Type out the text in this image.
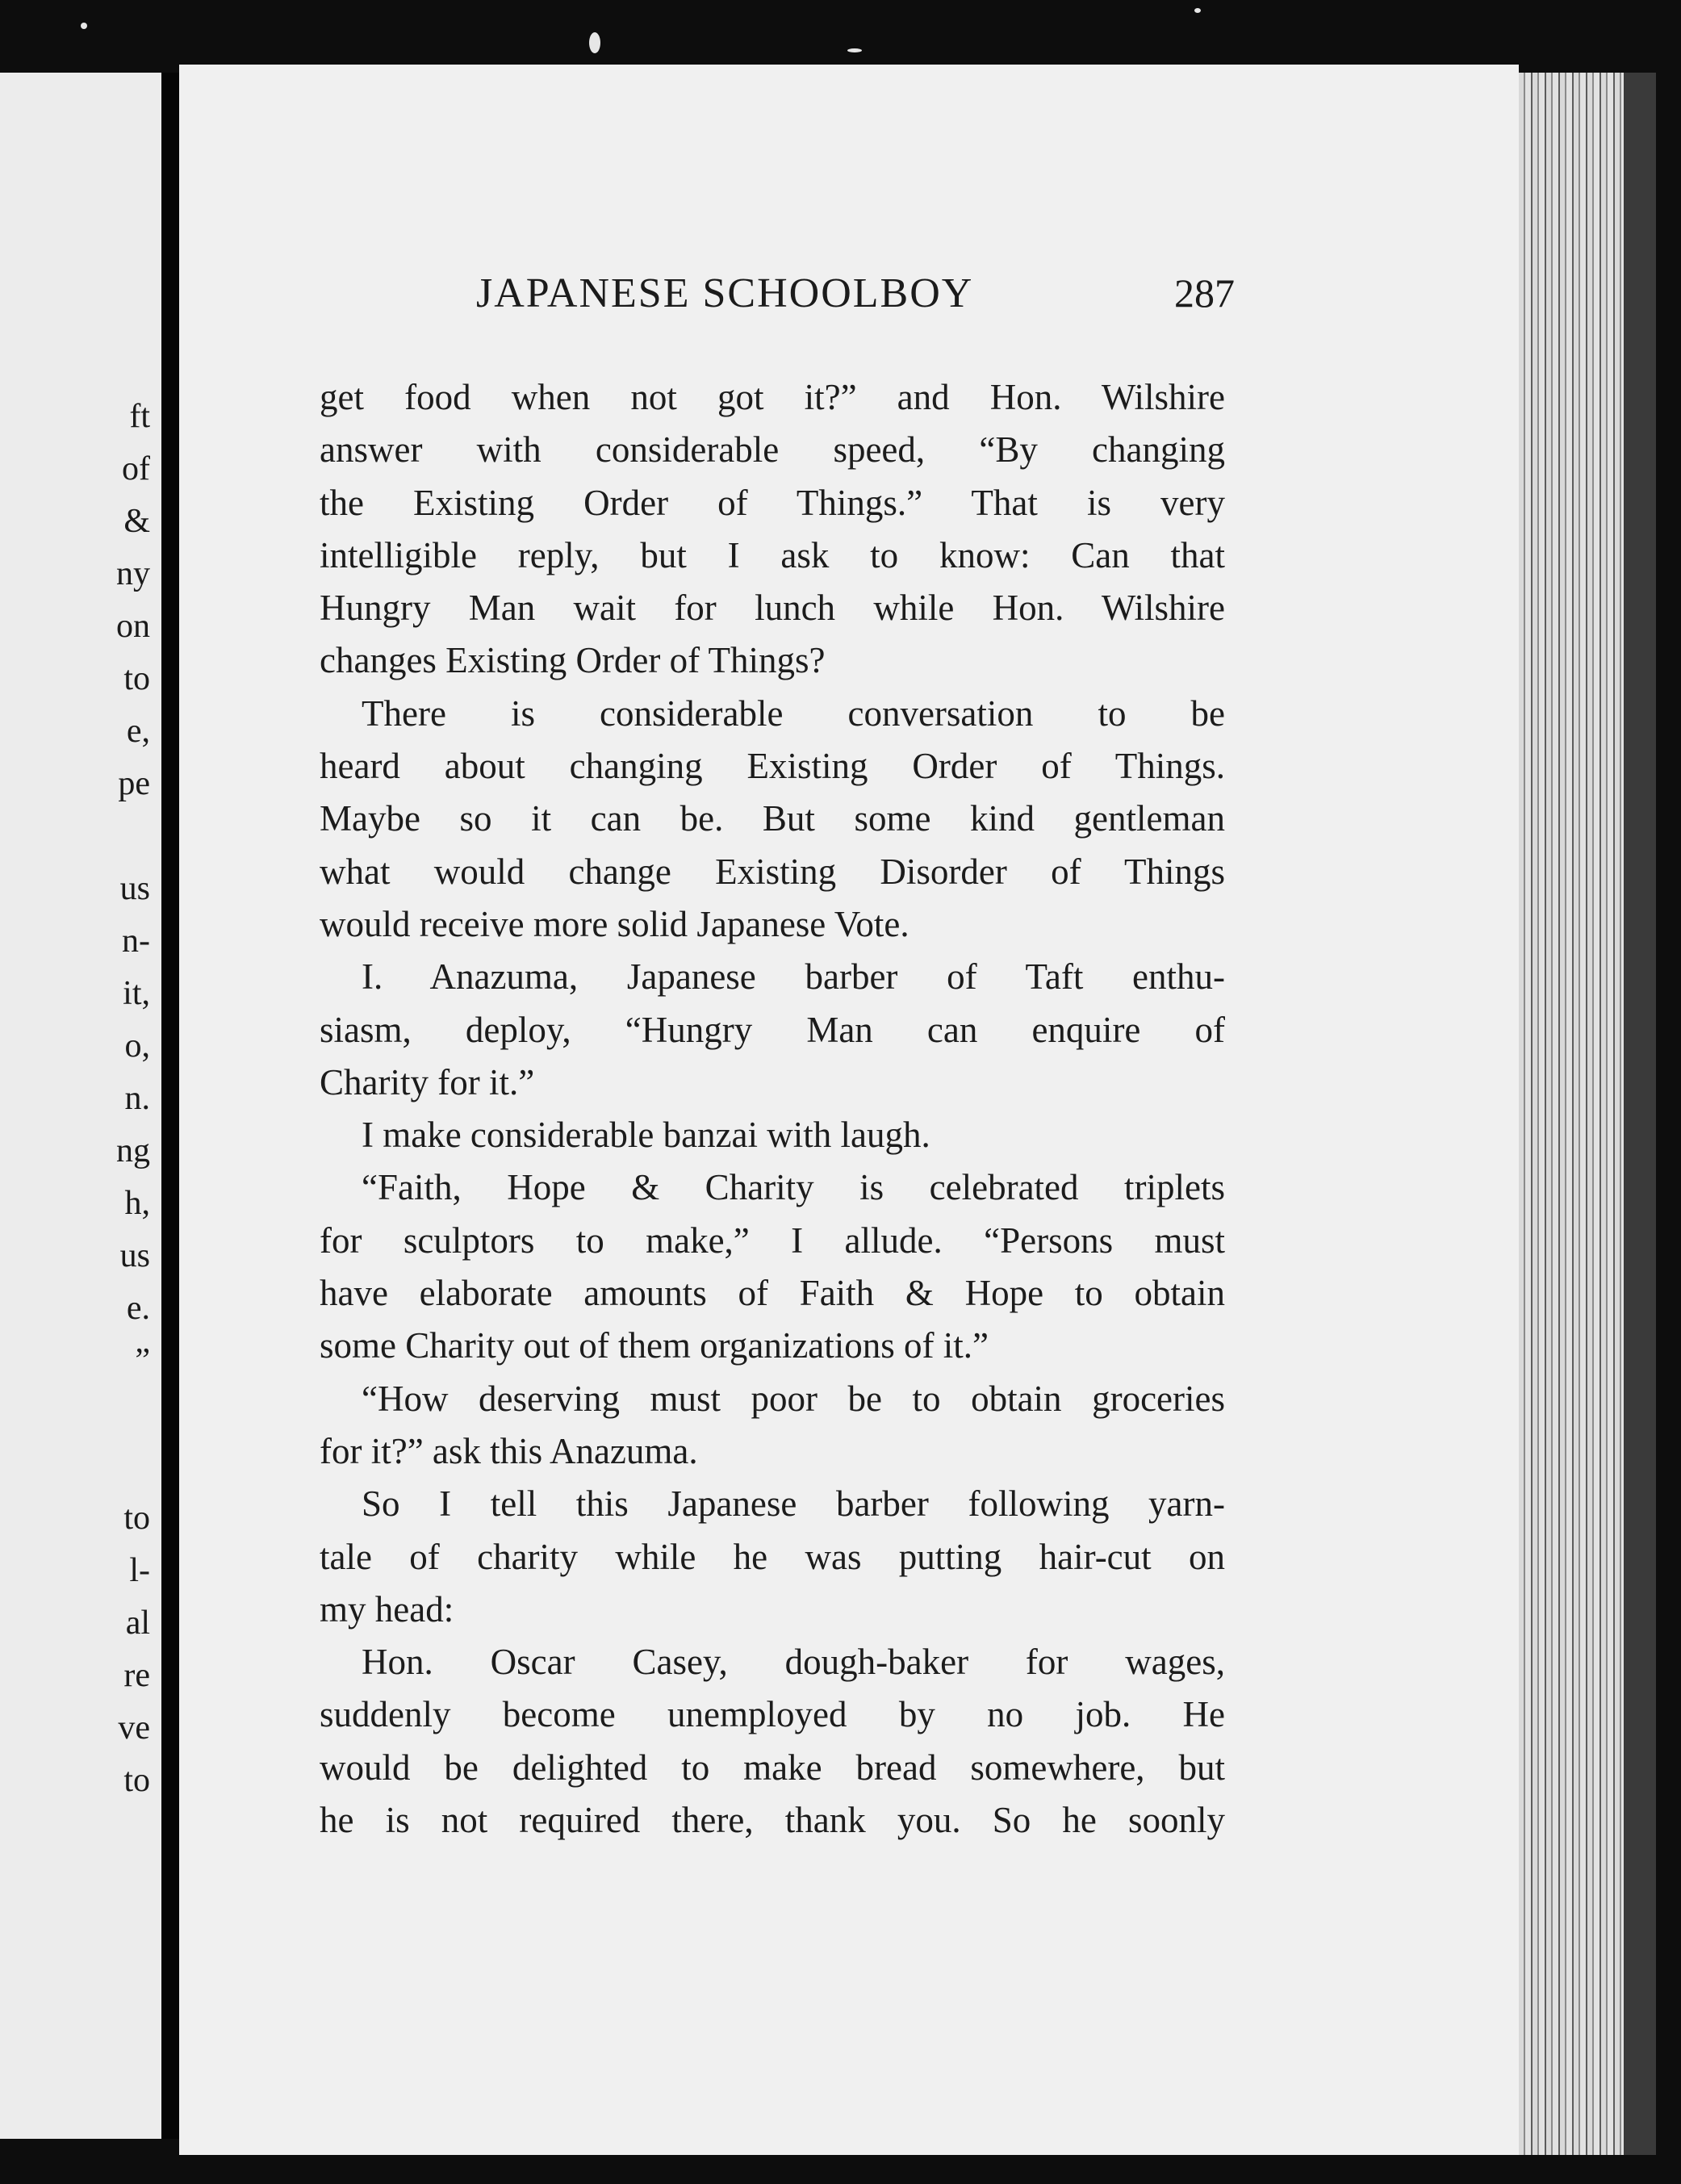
ft
of
&
ny
on
to
e,
pe
us
n-
it,
o,
n.
ng
h,
us
e.
”
to
l-
al
re
ve
to
JAPANESE SCHOOLBOY	287
get food when not got it?” and Hon. Wilshire
answer with considerable speed, “By changing
the Existing Order of Things.” That is very
intelligible reply, but I ask to know: Can that
Hungry Man wait for lunch while Hon. Wilshire
changes Existing Order of Things?
There is considerable conversation to be
heard about changing Existing Order of Things.
Maybe so it can be. But some kind gentleman
what would change Existing Disorder of Things
would receive more solid Japanese Vote.
I. Anazuma, Japanese barber of Taft enthu-
siasm, deploy, “Hungry Man can enquire of
Charity for it.”
I make considerable banzai with laugh.
“Faith, Hope & Charity is celebrated triplets
for sculptors to make,” I allude. “Persons must
have elaborate amounts of Faith & Hope to obtain
some Charity out of them organizations of it.”
“How deserving must poor be to obtain groceries
for it?” ask this Anazuma.
So I tell this Japanese barber following yarn-
tale of charity while he was putting hair-cut on
my head:
Hon. Oscar Casey, dough-baker for wages,
suddenly become unemployed by no job. He
would be delighted to make bread somewhere, but
he is not required there, thank you. So he soonly
